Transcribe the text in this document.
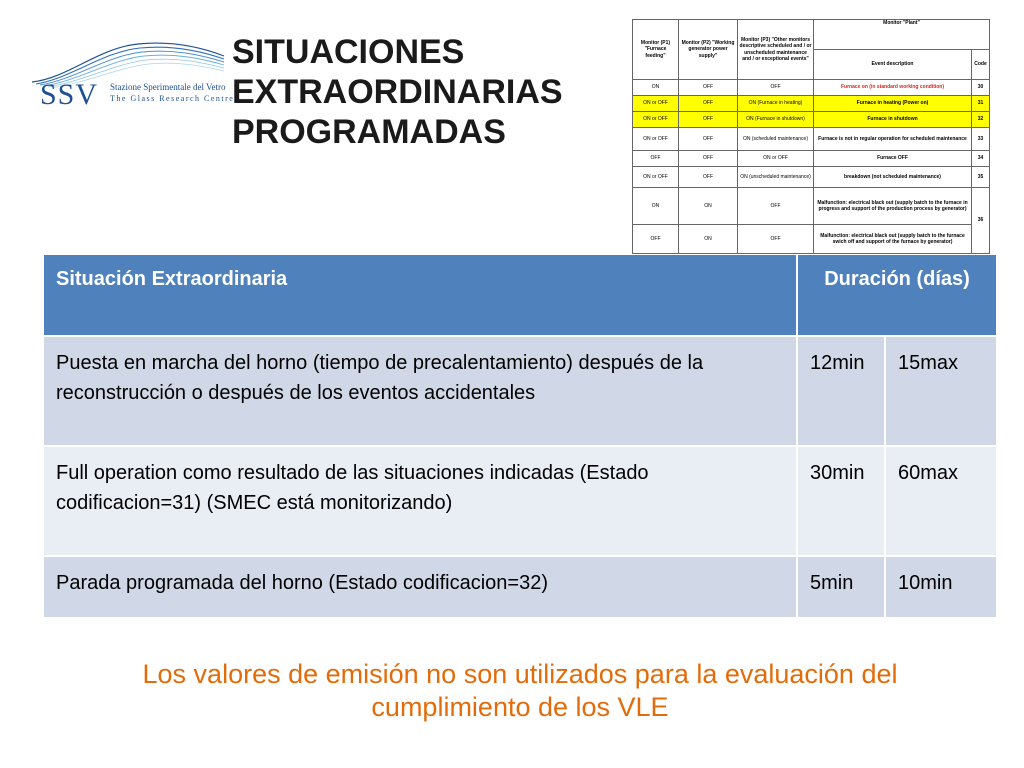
SSV Stazione Sperimentale del Vetro
The Glass Research Centre
SITUACIONES
EXTRAORDINARIAS
PROGRAMADAS
Monitor (P1) "Furnace feeding"	Monitor (P2) "Working generator power supply"	Monitor (P3) "Other monitors descriptive scheduled and / or unscheduled maintenance and / or exceptional events"	Monitor "Plant"	
			Event description	Code
ON	OFF	OFF	Furnace on (in standard working condition)	30
ON or OFF	OFF	ON (Furnace in heating)	Furnace in heating (Power on)	31
ON or OFF	OFF	ON (Furnace in shutdown)	Furnace in shutdown	32
ON or OFF	OFF	ON (scheduled maintenance)	Furnace is not in regular operation for scheduled maintenance	33
OFF	OFF	ON or OFF	Furnace OFF	34
ON or OFF	OFF	ON (unscheduled maintenance)	breakdown (not scheduled maintenance)	35
ON	ON	OFF	Malfunction: electrical black out (supply batch to the furnace in progress and support of the production process by generator)	36
OFF	ON	OFF	Malfunction: electrical black out (supply batch to the furnace swich off and support of the furnace by generator)	
Situación Extraordinaria	Duración (días)	
Puesta en marcha del horno (tiempo de precalentamiento) después de la reconstrucción o después de los eventos accidentales	12min	15max
Full operation como resultado de las situaciones indicadas (Estado codificacion=31) (SMEC está monitorizando)	30min	60max
Parada programada del horno (Estado codificacion=32)	5min	10min
Los valores de emisión no son utilizados para la evaluación del cumplimiento de los VLE
